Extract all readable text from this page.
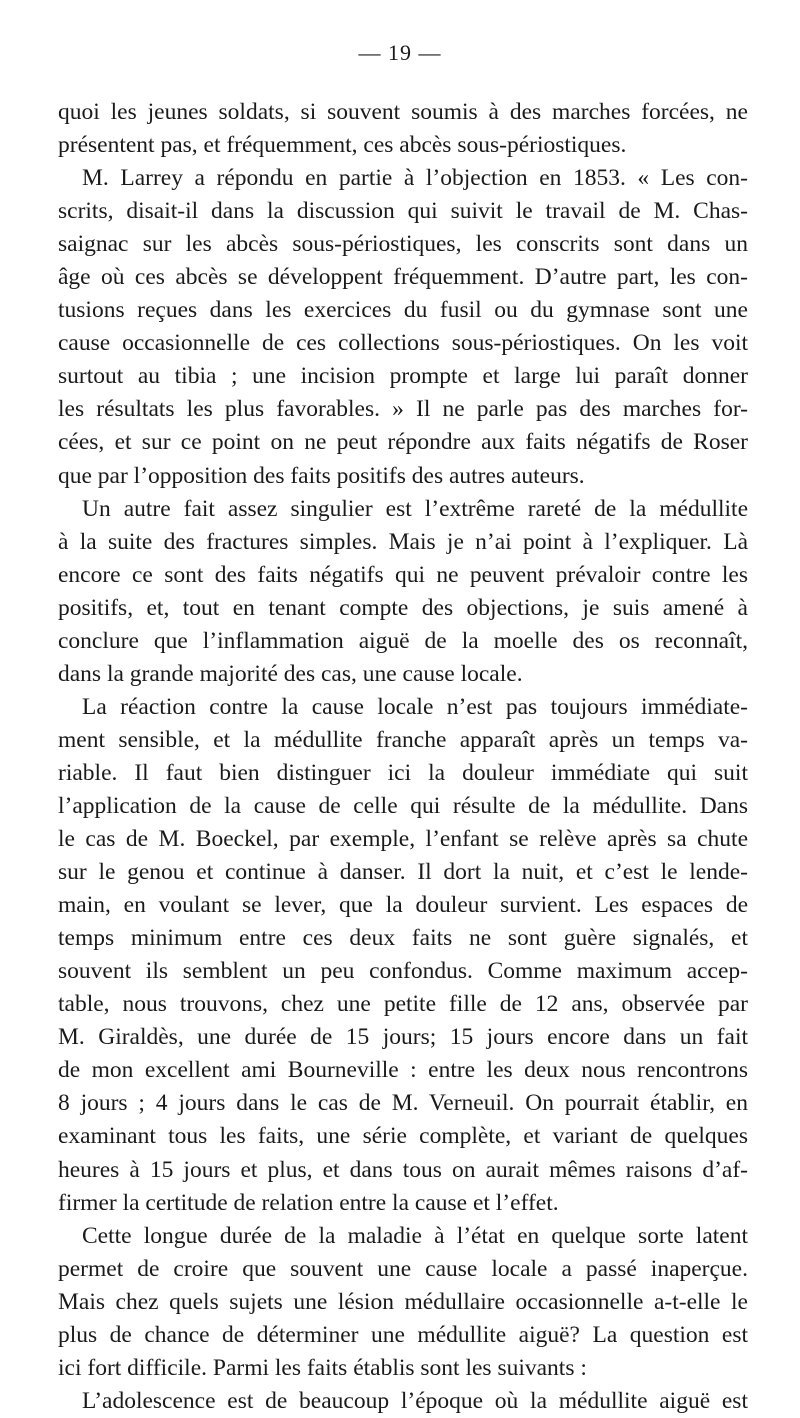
— 19 —
quoi les jeunes soldats, si souvent soumis à des marches forcées, ne
présentent pas, et fréquemment, ces abcès sous-périostiques.
M. Larrey a répondu en partie à l’objection en 1853. « Les con-
scrits, disait-il dans la discussion qui suivit le travail de M. Chas-
saignac sur les abcès sous-périostiques, les conscrits sont dans un
âge où ces abcès se développent fréquemment. D’autre part, les con-
tusions reçues dans les exercices du fusil ou du gymnase sont une
cause occasionnelle de ces collections sous-périostiques. On les voit
surtout au tibia ; une incision prompte et large lui paraît donner
les résultats les plus favorables. » Il ne parle pas des marches for-
cées, et sur ce point on ne peut répondre aux faits négatifs de Roser
que par l’opposition des faits positifs des autres auteurs.
Un autre fait assez singulier est l’extrême rareté de la médullite
à la suite des fractures simples. Mais je n’ai point à l’expliquer. Là
encore ce sont des faits négatifs qui ne peuvent prévaloir contre les
positifs, et, tout en tenant compte des objections, je suis amené à
conclure que l’inflammation aiguë de la moelle des os reconnaît,
dans la grande majorité des cas, une cause locale.
La réaction contre la cause locale n’est pas toujours immédiate-
ment sensible, et la médullite franche apparaît après un temps va-
riable. Il faut bien distinguer ici la douleur immédiate qui suit
l’application de la cause de celle qui résulte de la médullite. Dans
le cas de M. Boeckel, par exemple, l’enfant se relève après sa chute
sur le genou et continue à danser. Il dort la nuit, et c’est le lende-
main, en voulant se lever, que la douleur survient. Les espaces de
temps minimum entre ces deux faits ne sont guère signalés, et
souvent ils semblent un peu confondus. Comme maximum accep-
table, nous trouvons, chez une petite fille de 12 ans, observée par
M. Giraldès, une durée de 15 jours; 15 jours encore dans un fait
de mon excellent ami Bourneville : entre les deux nous rencontrons
8 jours ; 4 jours dans le cas de M. Verneuil. On pourrait établir, en
examinant tous les faits, une série complète, et variant de quelques
heures à 15 jours et plus, et dans tous on aurait mêmes raisons d’af-
firmer la certitude de relation entre la cause et l’effet.
Cette longue durée de la maladie à l’état en quelque sorte latent
permet de croire que souvent une cause locale a passé inaperçue.
Mais chez quels sujets une lésion médullaire occasionnelle a-t-elle le
plus de chance de déterminer une médullite aiguë? La question est
ici fort difficile. Parmi les faits établis sont les suivants :
L’adolescence est de beaucoup l’époque où la médullite aiguë est
